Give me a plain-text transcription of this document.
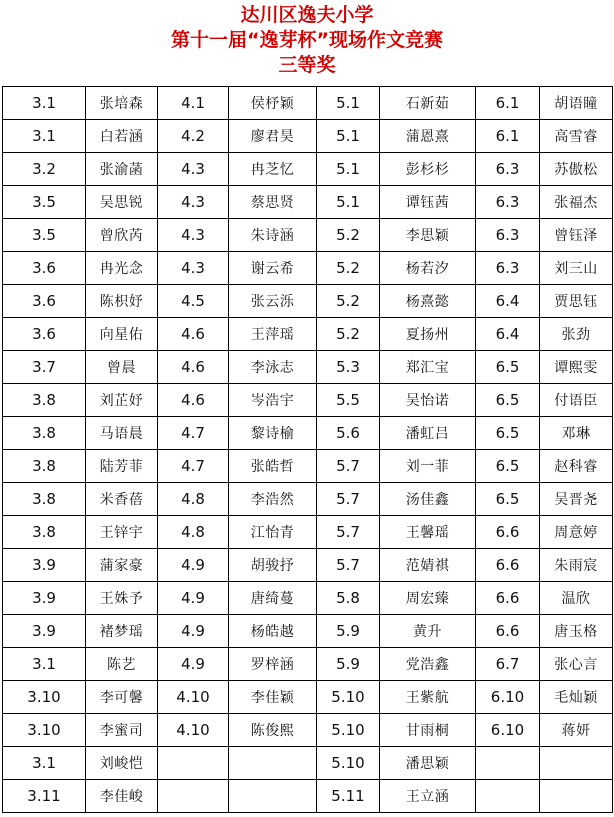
达川区逸夫小学

第十一届“逸芽杯”现场作文竞赛

三等奖

3.1	张培森	4.1	侯杼颖	5.1	石新茹	6.1	胡语瞳
3.1	白若涵	4.2	廖君昊	5.1	蒲恩熹	6.1	高雪睿
3.2	张渝菡	4.3	冉芝忆	5.1	彭杉杉	6.3	苏傲松
3.5	吴思锐	4.3	蔡思贤	5.1	谭钰茜	6.3	张福杰
3.5	曾欣芮	4.3	朱诗涵	5.2	李思颖	6.3	曾钰泽
3.6	冉光念	4.3	谢云希	5.2	杨若汐	6.3	刘三山
3.6	陈枳妤	4.5	张云泺	5.2	杨熹懿	6.4	贾思钰
3.6	向星佑	4.6	王萍瑶	5.2	夏扬州	6.4	张劲
3.7	曾晨	4.6	李泳志	5.3	郑汇宝	6.5	谭熙雯
3.8	刘芷妤	4.6	岑浩宇	5.5	吴怡诺	6.5	付语臣
3.8	马语晨	4.7	黎诗榆	5.6	潘虹吕	6.5	邓琳
3.8	陆芳菲	4.7	张皓哲	5.7	刘一菲	6.5	赵科睿
3.8	米香蓓	4.8	李浩然	5.7	汤佳鑫	6.5	吴晋尧
3.8	王锌宇	4.8	江怡青	5.7	王馨瑶	6.6	周意婷
3.9	蒲家豪	4.9	胡骏抒	5.7	范婧祺	6.6	朱雨宸
3.9	王姝予	4.9	唐绮蔓	5.8	周宏臻	6.6	温欣
3.9	褚梦瑶	4.9	杨皓越	5.9	黄升	6.6	唐玉格
3.1	陈艺	4.9	罗梓涵	5.9	党浩鑫	6.7	张心言
3.10	李可馨	4.10	李佳颖	5.10	王紫航	6.10	毛灿颖
3.10	李蜜司	4.10	陈俊熙	5.10	甘雨桐	6.10	蒋妍
3.1	刘峻恺			5.10	潘思颖		
3.11	李佳峻			5.11	王立涵		
